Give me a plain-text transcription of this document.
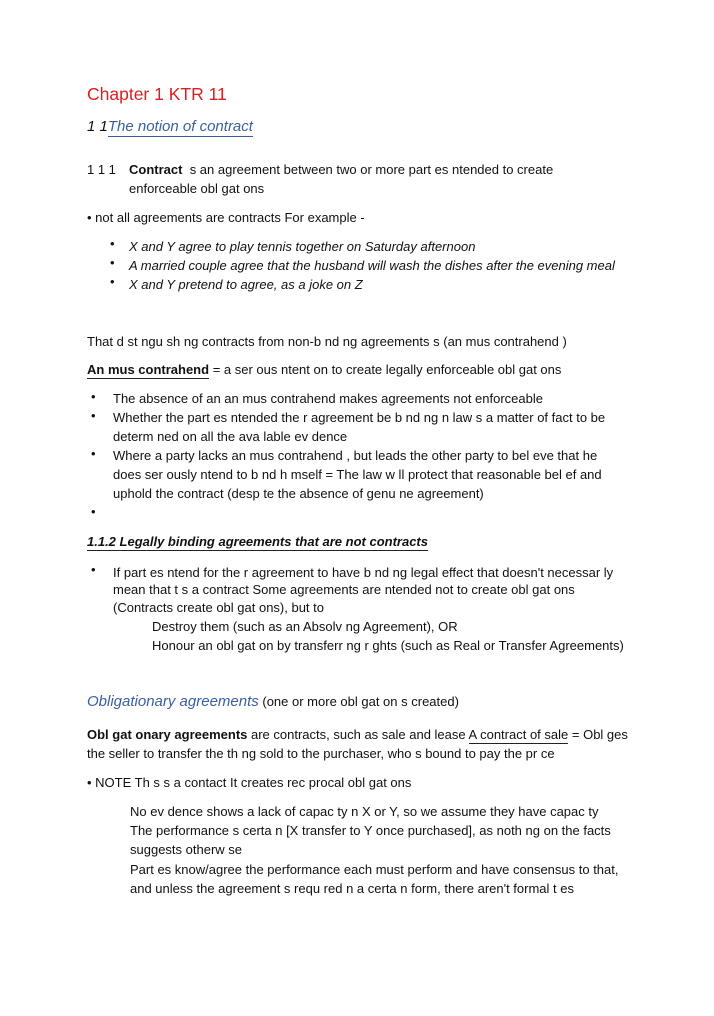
Chapter 1 KTR 11
1 1The notion of contract
1 1 1 Contract s an agreement between two or more part es ntended to create
enforceable obl gat ons
• not all agreements are contracts For example -
• X and Y agree to play tennis together on Saturday afternoon
• A married couple agree that the husband will wash the dishes after the evening meal
• X and Y pretend to agree, as a joke on Z
That d st ngu sh ng contracts from non-b nd ng agreements s (an mus contrahend )
An mus contrahend = a ser ous ntent on to create legally enforceable obl gat ons
• The absence of an an mus contrahend makes agreements not enforceable
• Whether the part es ntended the r agreement be b nd ng n law s a matter of fact to be
determ ned on all the ava lable ev dence
• Where a party lacks an mus contrahend , but leads the other party to bel eve that he
does ser ously ntend to b nd h mself = The law w ll protect that reasonable bel ef and
uphold the contract (desp te the absence of genu ne agreement)
•
1.1.2 Legally binding agreements that are not contracts
• If part es ntend for the r agreement to have b nd ng legal effect that doesn't necessar ly
mean that t s a contract Some agreements are ntended not to create obl gat ons
(Contracts create obl gat ons), but to
Destroy them (such as an Absolv ng Agreement), OR
Honour an obl gat on by transferr ng r ghts (such as Real or Transfer Agreements)
Obligationary agreements (one or more obl gat on s created)
Obl gat onary agreements are contracts, such as sale and lease A contract of sale = Obl ges
the seller to transfer the th ng sold to the purchaser, who s bound to pay the pr ce
• NOTE Th s s a contact It creates rec procal obl gat ons
No ev dence shows a lack of capac ty n X or Y, so we assume they have capac ty
The performance s certa n [X transfer to Y once purchased], as noth ng on the facts
suggests otherw se
Part es know/agree the performance each must perform and have consensus to that,
and unless the agreement s requ red n a certa n form, there aren't formal t es
